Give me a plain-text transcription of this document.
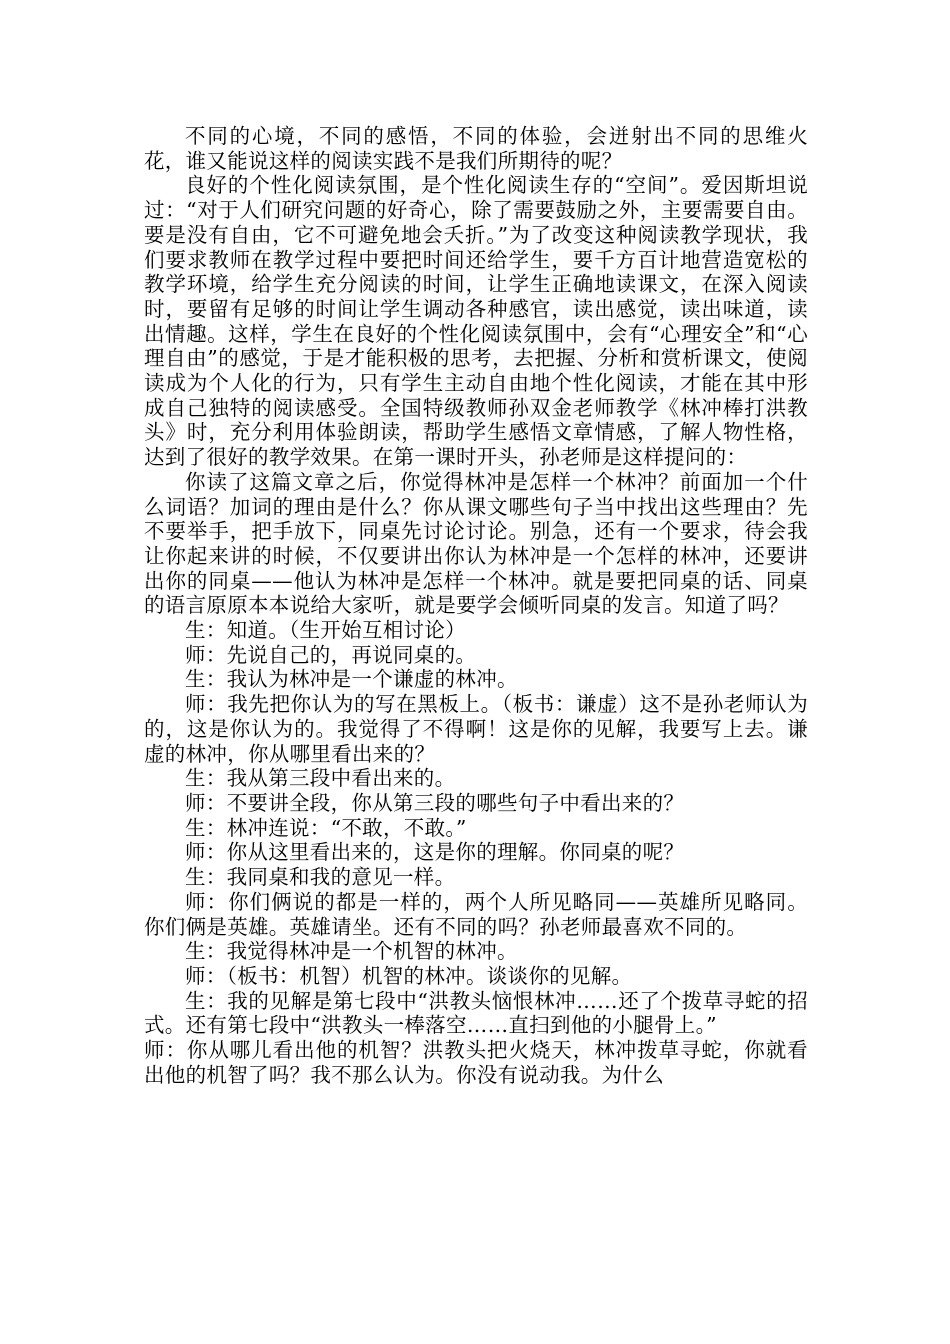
不同的心境，不同的感悟，不同的体验，会迸射出不同的思维火花，谁又能说这样的阅读实践不是我们所期待的呢？

良好的个性化阅读氛围，是个性化阅读生存的“空间”。爱因斯坦说过：“对于人们研究问题的好奇心，除了需要鼓励之外，主要需要自由。要是没有自由，它不可避免地会夭折。”为了改变这种阅读教学现状，我们要求教师在教学过程中要把时间还给学生，要千方百计地营造宽松的教学环境，给学生充分阅读的时间，让学生正确地读课文，在深入阅读时，要留有足够的时间让学生调动各种感官，读出感觉，读出味道，读出情趣。这样，学生在良好的个性化阅读氛围中，会有“心理安全”和“心理自由”的感觉，于是才能积极的思考，去把握、分析和赏析课文，使阅读成为个人化的行为，只有学生主动自由地个性化阅读，才能在其中形成自己独特的阅读感受。全国特级教师孙双金老师教学《林冲棒打洪教头》时，充分利用体验朗读，帮助学生感悟文章情感，了解人物性格，达到了很好的教学效果。在第一课时开头，孙老师是这样提问的：

你读了这篇文章之后，你觉得林冲是怎样一个林冲？前面加一个什么词语？加词的理由是什么？你从课文哪些句子当中找出这些理由？先不要举手，把手放下，同桌先讨论讨论。别急，还有一个要求，待会我让你起来讲的时候，不仅要讲出你认为林冲是一个怎样的林冲，还要讲出你的同桌——他认为林冲是怎样一个林冲。就是要把同桌的话、同桌的语言原原本本说给大家听，就是要学会倾听同桌的发言。知道了吗？

生：知道。（生开始互相讨论）

师：先说自己的，再说同桌的。

生：我认为林冲是一个谦虚的林冲。

师：我先把你认为的写在黑板上。（板书：谦虚）这不是孙老师认为的，这是你认为的。我觉得了不得啊！这是你的见解，我要写上去。谦虚的林冲，你从哪里看出来的？

生：我从第三段中看出来的。

师：不要讲全段，你从第三段的哪些句子中看出来的？

生：林冲连说：“不敢，不敢。”

师：你从这里看出来的，这是你的理解。你同桌的呢？

生：我同桌和我的意见一样。

师：你们俩说的都是一样的，两个人所见略同——英雄所见略同。你们俩是英雄。英雄请坐。还有不同的吗？孙老师最喜欢不同的。

生：我觉得林冲是一个机智的林冲。

师：（板书：机智）机智的林冲。谈谈你的见解。

生：我的见解是第七段中“洪教头恼恨林冲……还了个拨草寻蛇的招式。还有第七段中“洪教头一棒落空……直扫到他的小腿骨上。”

师：你从哪儿看出他的机智？洪教头把火烧天，林冲拨草寻蛇，你就看出他的机智了吗？我不那么认为。你没有说动我。为什么
